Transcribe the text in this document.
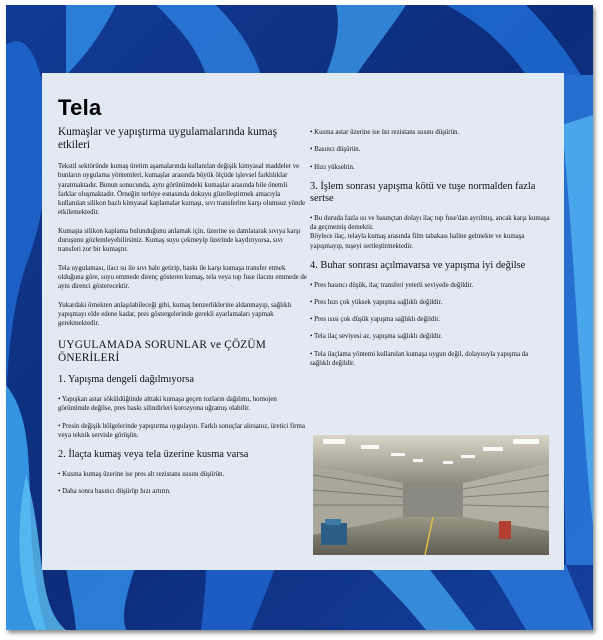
Tela
Kumaşlar ve yapıştırma uygulamalarında kumaş etkileri

Tekstil sektöründe kumaş üretim aşamalarında kullanılan değişik kimyasal maddeler ve bunların uygulama yöntemleri, kumaşlar arasında büyük ölçüde işlevsel farklılıklar yaratmaktadır. Bunun sonucunda, aynı görünümdeki kumaşlar arasında bile önemli farklar oluşmaktadır. Örneğin terbiye esnasında dokuyu güzelleştirmek amacıyla kullanılan silikon bazlı kimyasal kaplamalar kumaşı, sıvı transferine karşı olumsuz yönde etkilemektedir.

Kumaşta silikon kaplama bulunduğunu anlamak için, üzerine su damlatarak sıvıya karşı duruşunu gözlemleyebilirsiniz. Kumaş suyu çekmeyip üzerinde kaydırıyorsa, sıvı transferi zor bir kumaştır.

Tela uygulaması, ilacı su ile sıvı hale getirip, baskı ile karşı kumaşa transfer etmek olduğuna göre, suyu emmede direnç gösteren kumaş, tela veya top fuse ilacını emmede de aynı direnci gösterecektir.

Yukardaki örnekten anlaşılabileceği gibi, kumaş benzerliklerine aldanmayıp, sağlıklı yapışmayı elde edene kadar, pres göstergelerinde gerekli ayarlamaları yapmak gerekmektedir.

UYGULAMADA SORUNLAR ve ÇÖZÜM ÖNERİLERİ
1. Yapışma dengeli dağılmıyorsa
• Yapışkan astar söküldüğünde alttaki kumaşa geçen tozların dağılımı, homojen görünümde değilse, pres baskı silindirleri korozyona uğramış olabilir.
• Presin değişik bölgelerinde yapıştırma uygulayın. Farklı sonuçlar alırsanız, üretici firma veya teknik servisle görüşün.
2. İlaçta kumaş veya tela üzerine kusma varsa
• Kusma kumaş üzerine ise pres alt rezistans ısısını düşürün.
• Daha sonra basıncı düşürüp hızı artırın.
• Kusma astar üzerine ise üst rezistans ısısını düşürün.
• Basıncı düşürün.
• Hızı yükseltin.
3. İşlem sonrası yapışma kötü ve tuşe normalden fazla sertse
• Bu duruda fazla ısı ve basınçtan dolayı ilaç top fuse'dan ayrılmış, ancak karşı kumaşa da geçmemiş demektir.
Böylece ilaç, telayla kumaş arasında film tabakası haline gelmekte ve kumaşa yapışmayıp, tuşeyi sertleştirmektedir.
4. Buhar sonrası açılmavarsa ve yapışma iyi değilse
• Pres basıncı düşük, ilaç transferi yeterli seviyede değildir.
• Pres hızı çok yüksek yapışma sağlıklı değildir.
• Pres ısısı çok düşük yapışma sağlıklı değildir.
• Tela ilaç seviyesi az, yapışma sağlıklı değildir.
• Tela ilaçlama yöntemi kullanılan kumaşa uygun değil, dolayısıyla yapışma da sağlıklı değildir.
